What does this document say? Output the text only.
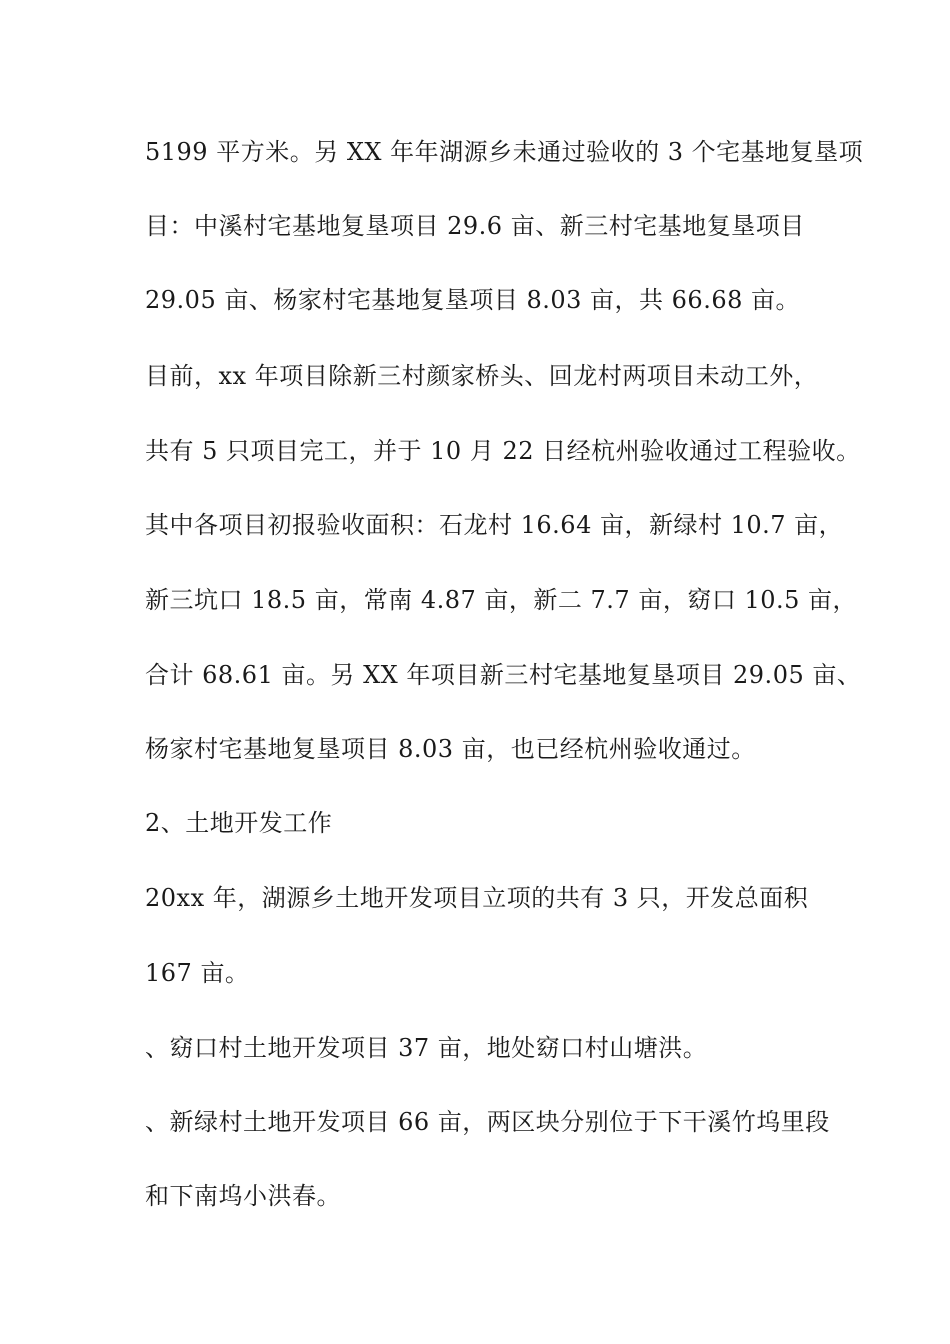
5199 平方米。另 XX 年年湖源乡未通过验收的 3 个宅基地复垦项
目：中溪村宅基地复垦项目 29.6 亩、新三村宅基地复垦项目
29.05 亩、杨家村宅基地复垦项目 8.03 亩，共 66.68 亩。
目前，xx 年项目除新三村颜家桥头、回龙村两项目未动工外，
共有 5 只项目完工，并于 10 月 22 日经杭州验收通过工程验收。
其中各项目初报验收面积：石龙村 16.64 亩，新绿村 10.7 亩，
新三坑口 18.5 亩，常南 4.87 亩，新二 7.7 亩，窈口 10.5 亩，
合计 68.61 亩。另 XX 年项目新三村宅基地复垦项目 29.05 亩、
杨家村宅基地复垦项目 8.03 亩，也已经杭州验收通过。
2、土地开发工作
20xx 年，湖源乡土地开发项目立项的共有 3 只，开发总面积
167 亩。
、窈口村土地开发项目 37 亩，地处窈口村山塘洪。
、新绿村土地开发项目 66 亩，两区块分别位于下干溪竹坞里段
和下南坞小洪春。
